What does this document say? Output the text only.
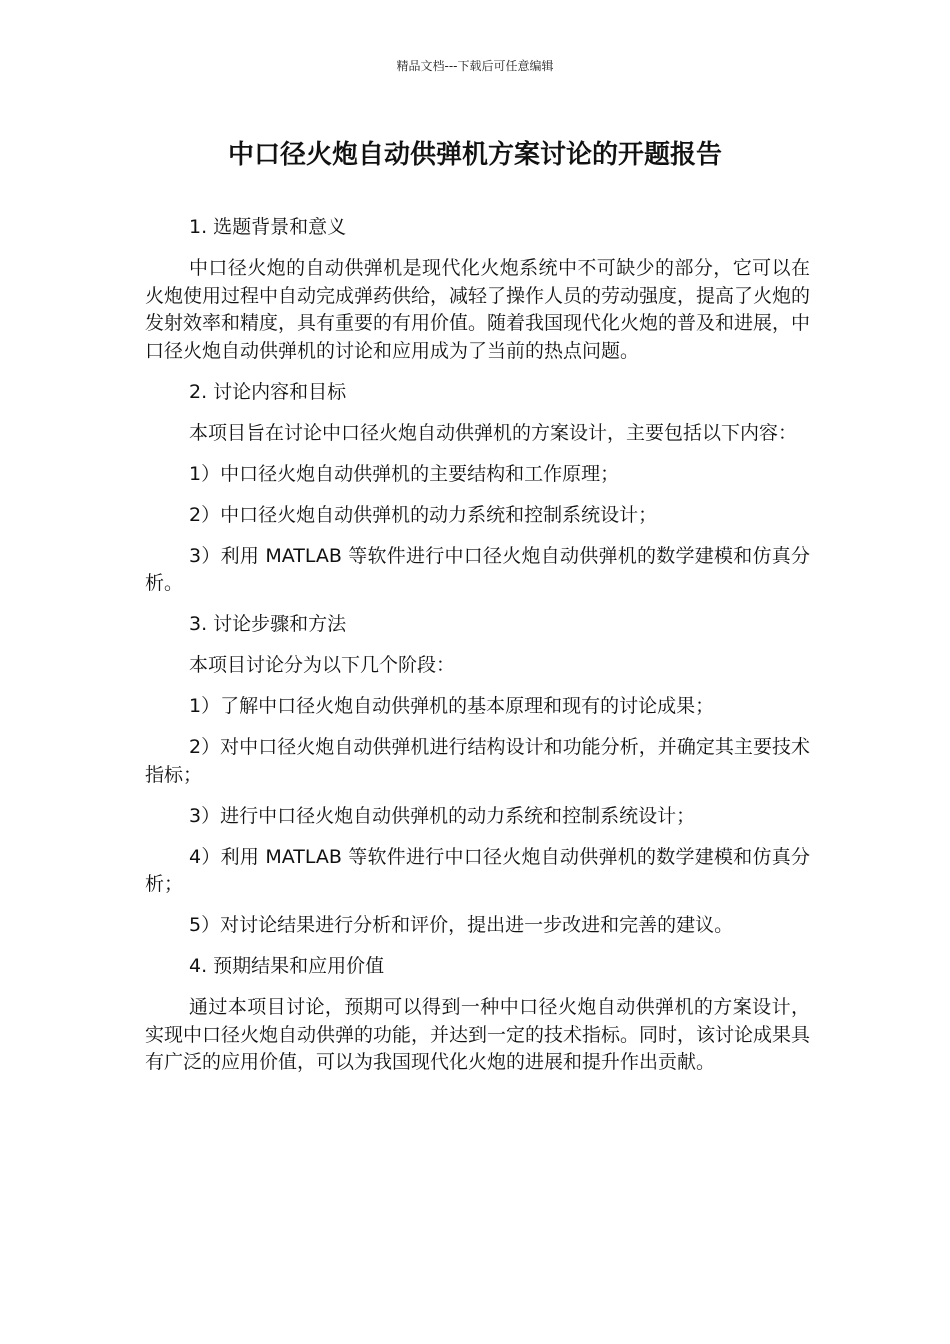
精品文档---下载后可任意编辑
中口径火炮自动供弹机方案讨论的开题报告

1. 选题背景和意义

中口径火炮的自动供弹机是现代化火炮系统中不可缺少的部分，它可以在火炮使用过程中自动完成弹药供给，减轻了操作人员的劳动强度，提高了火炮的发射效率和精度，具有重要的有用价值。随着我国现代化火炮的普及和进展，中口径火炮自动供弹机的讨论和应用成为了当前的热点问题。

2. 讨论内容和目标

本项目旨在讨论中口径火炮自动供弹机的方案设计，主要包括以下内容：

1）中口径火炮自动供弹机的主要结构和工作原理；

2）中口径火炮自动供弹机的动力系统和控制系统设计；

3）利用 MATLAB 等软件进行中口径火炮自动供弹机的数学建模和仿真分析。

3. 讨论步骤和方法

本项目讨论分为以下几个阶段：

1）了解中口径火炮自动供弹机的基本原理和现有的讨论成果；

2）对中口径火炮自动供弹机进行结构设计和功能分析，并确定其主要技术指标；

3）进行中口径火炮自动供弹机的动力系统和控制系统设计；

4）利用 MATLAB 等软件进行中口径火炮自动供弹机的数学建模和仿真分析；

5）对讨论结果进行分析和评价，提出进一步改进和完善的建议。

4. 预期结果和应用价值

通过本项目讨论，预期可以得到一种中口径火炮自动供弹机的方案设计，实现中口径火炮自动供弹的功能，并达到一定的技术指标。同时，该讨论成果具有广泛的应用价值，可以为我国现代化火炮的进展和提升作出贡献。
